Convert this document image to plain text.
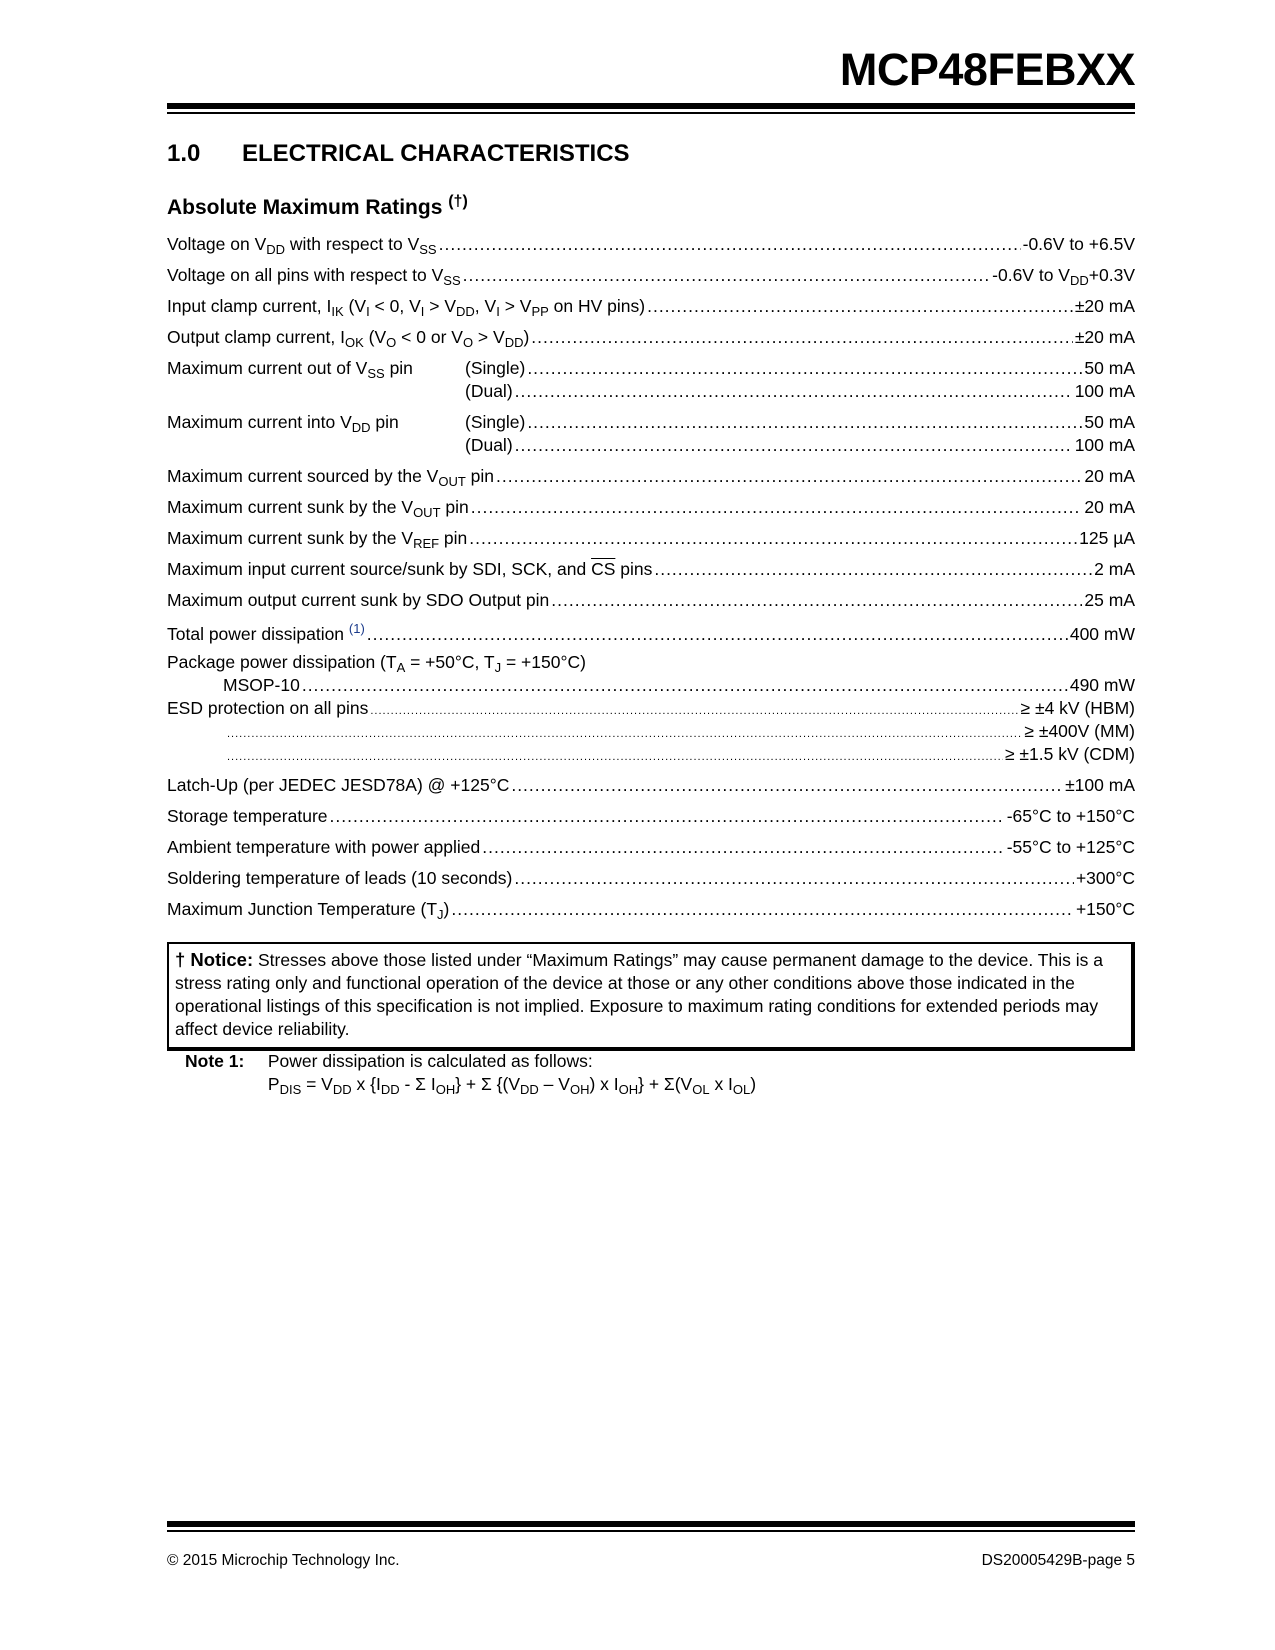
MCP48FEBXX
1.0 ELECTRICAL CHARACTERISTICS
Absolute Maximum Ratings (†)
Voltage on $V_{DD}$ with respect to $V_{SS}$ .....	-0.6V to +6.5V
Voltage on all pins with respect to $V_{SS}$ .....	-0.6V to $V_{DD}+0.3V$
Input clamp current, $I_{IK}$ ($V_I < 0$, $V_I > V_{DD}$, $V_I > V_{PP}$ on HV pins) .....	±20 mA
Output clamp current, $I_{OK}$ ($V_O < 0$ or $V_O > V_{DD}$) .....	±20 mA
Maximum current out of $V_{SS}$ pin	(Single) .....	50 mA
(Dual) .....	100 mA
Maximum current into $V_{DD}$ pin	(Single) .....	50 mA
(Dual) .....	100 mA
Maximum current sourced by the $V_{OUT}$ pin .....	20 mA
Maximum current sunk by the $V_{OUT}$ pin .....	20 mA
Maximum current sunk by the $V_{REF}$ pin .....	125 µA
Maximum input current source/sunk by SDI, SCK, and $\overline{CS}$ pins .....	2 mA
Maximum output current sunk by SDO Output pin .....	25 mA
Total power dissipation $^{(1)}$ .....	400 mW
Package power dissipation ($T_A = +50^\circ C$, $T_J = +150^\circ C$)
MSOP-10 .....	490 mW
ESD protection on all pins .....	≥ ±4 kV (HBM)
.....
≥ ±400V (MM)
.....
≥ ±1.5 kV (CDM)
Latch-Up (per JEDEC JESD78A) @ +125°C .....	±100 mA
Storage temperature .....	-65°C to +150°C
Ambient temperature with power applied .....	-55°C to +125°C
Soldering temperature of leads (10 seconds) .....	+300°C
Maximum Junction Temperature $(T_J)$ .....	+150°C
† Notice: Stresses above those listed under “Maximum Ratings” may cause permanent damage to the device. This is a stress rating only and functional operation of the device at those or any other conditions above those indicated in the operational listings of this specification is not implied. Exposure to maximum rating conditions for extended periods may affect device reliability.
Note 1: Power dissipation is calculated as follows:
$P_{DIS} = V_{DD}$ x {$I_{DD}$ - Σ $I_{OH}\} + \Sigma$ {$(V_{DD} - V_{OH})$ x $I_{OH}\} + \Sigma(V_{OL}$ x $I_{OL}$)
© 2015 Microchip Technology Inc.	DS20005429B-page 5
